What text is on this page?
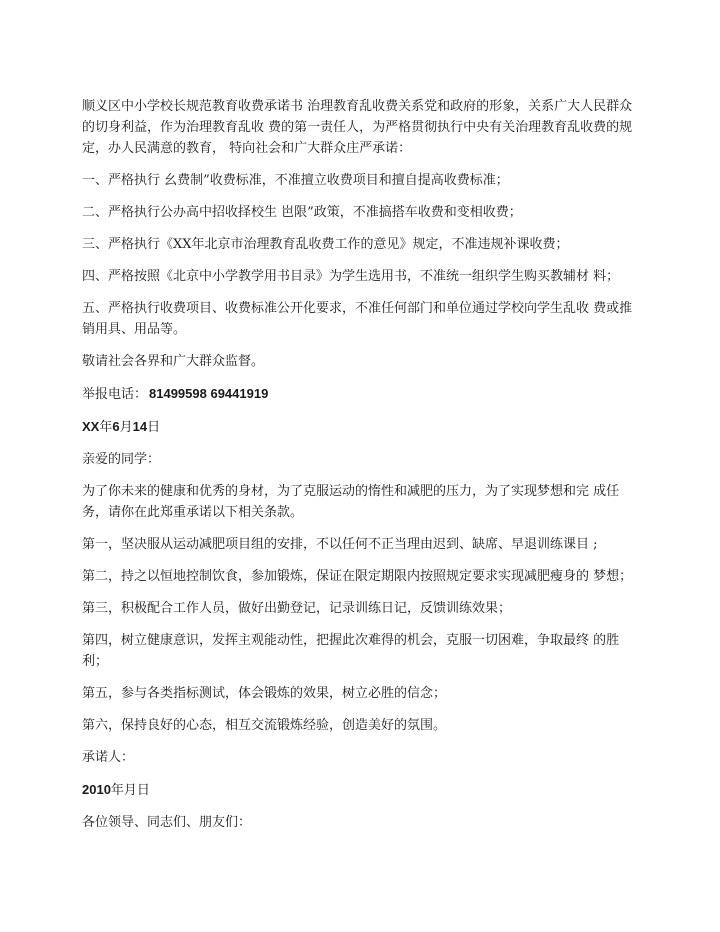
顺义区中小学校长规范教育收费承诺书 治理教育乱收费关系党和政府的形象，关系广大人民群众的切身利益，作为治理教育乱收 费的第一责任人，为严格贯彻执行中央有关治理教育乱收费的规定，办人民满意的教育， 特向社会和广大群众庄严承诺：

一、严格执行 幺费制”收费标准，不准擅立收费项目和擅自提高收费标准；

二、严格执行公办高中招收择校生 岜限”政策，不准搞搭车收费和变相收费；

三、严格执行《XX年北京市治理教育乱收费工作的意见》规定，不准违规补课收费；

四、严格按照《北京中小学教学用书目录》为学生选用书，不准统一组织学生购买教辅材 料；

五、严格执行收费项目、收费标准公开化要求，不准任何部门和单位通过学校向学生乱收 费或推销用具、用品等。

敬请社会各界和广大群众监督。

举报电话： 81499598 69441919

XX年6月14日

亲爱的同学：

为了你未来的健康和优秀的身材，为了克服运动的惰性和减肥的压力，为了实现梦想和完 成任务，请你在此郑重承诺以下相关条款。

第一，坚决服从运动减肥项目组的安排，不以任何不正当理由迟到、缺席、早退训练课目 ;

第二，持之以恒地控制饮食，参加锻炼，保证在限定期限内按照规定要求实现减肥瘦身的 梦想；

第三，积极配合工作人员，做好出勤登记，记录训练日记，反馈训练效果；

第四，树立健康意识，发挥主观能动性，把握此次难得的机会，克服一切困难，争取最终 的胜利；

第五，参与各类指标测试，体会锻炼的效果，树立必胜的信念；

第六，保持良好的心态，相互交流锻炼经验，创造美好的氛围。

承诺人：

2010年月日

各位领导、同志们、朋友们：
